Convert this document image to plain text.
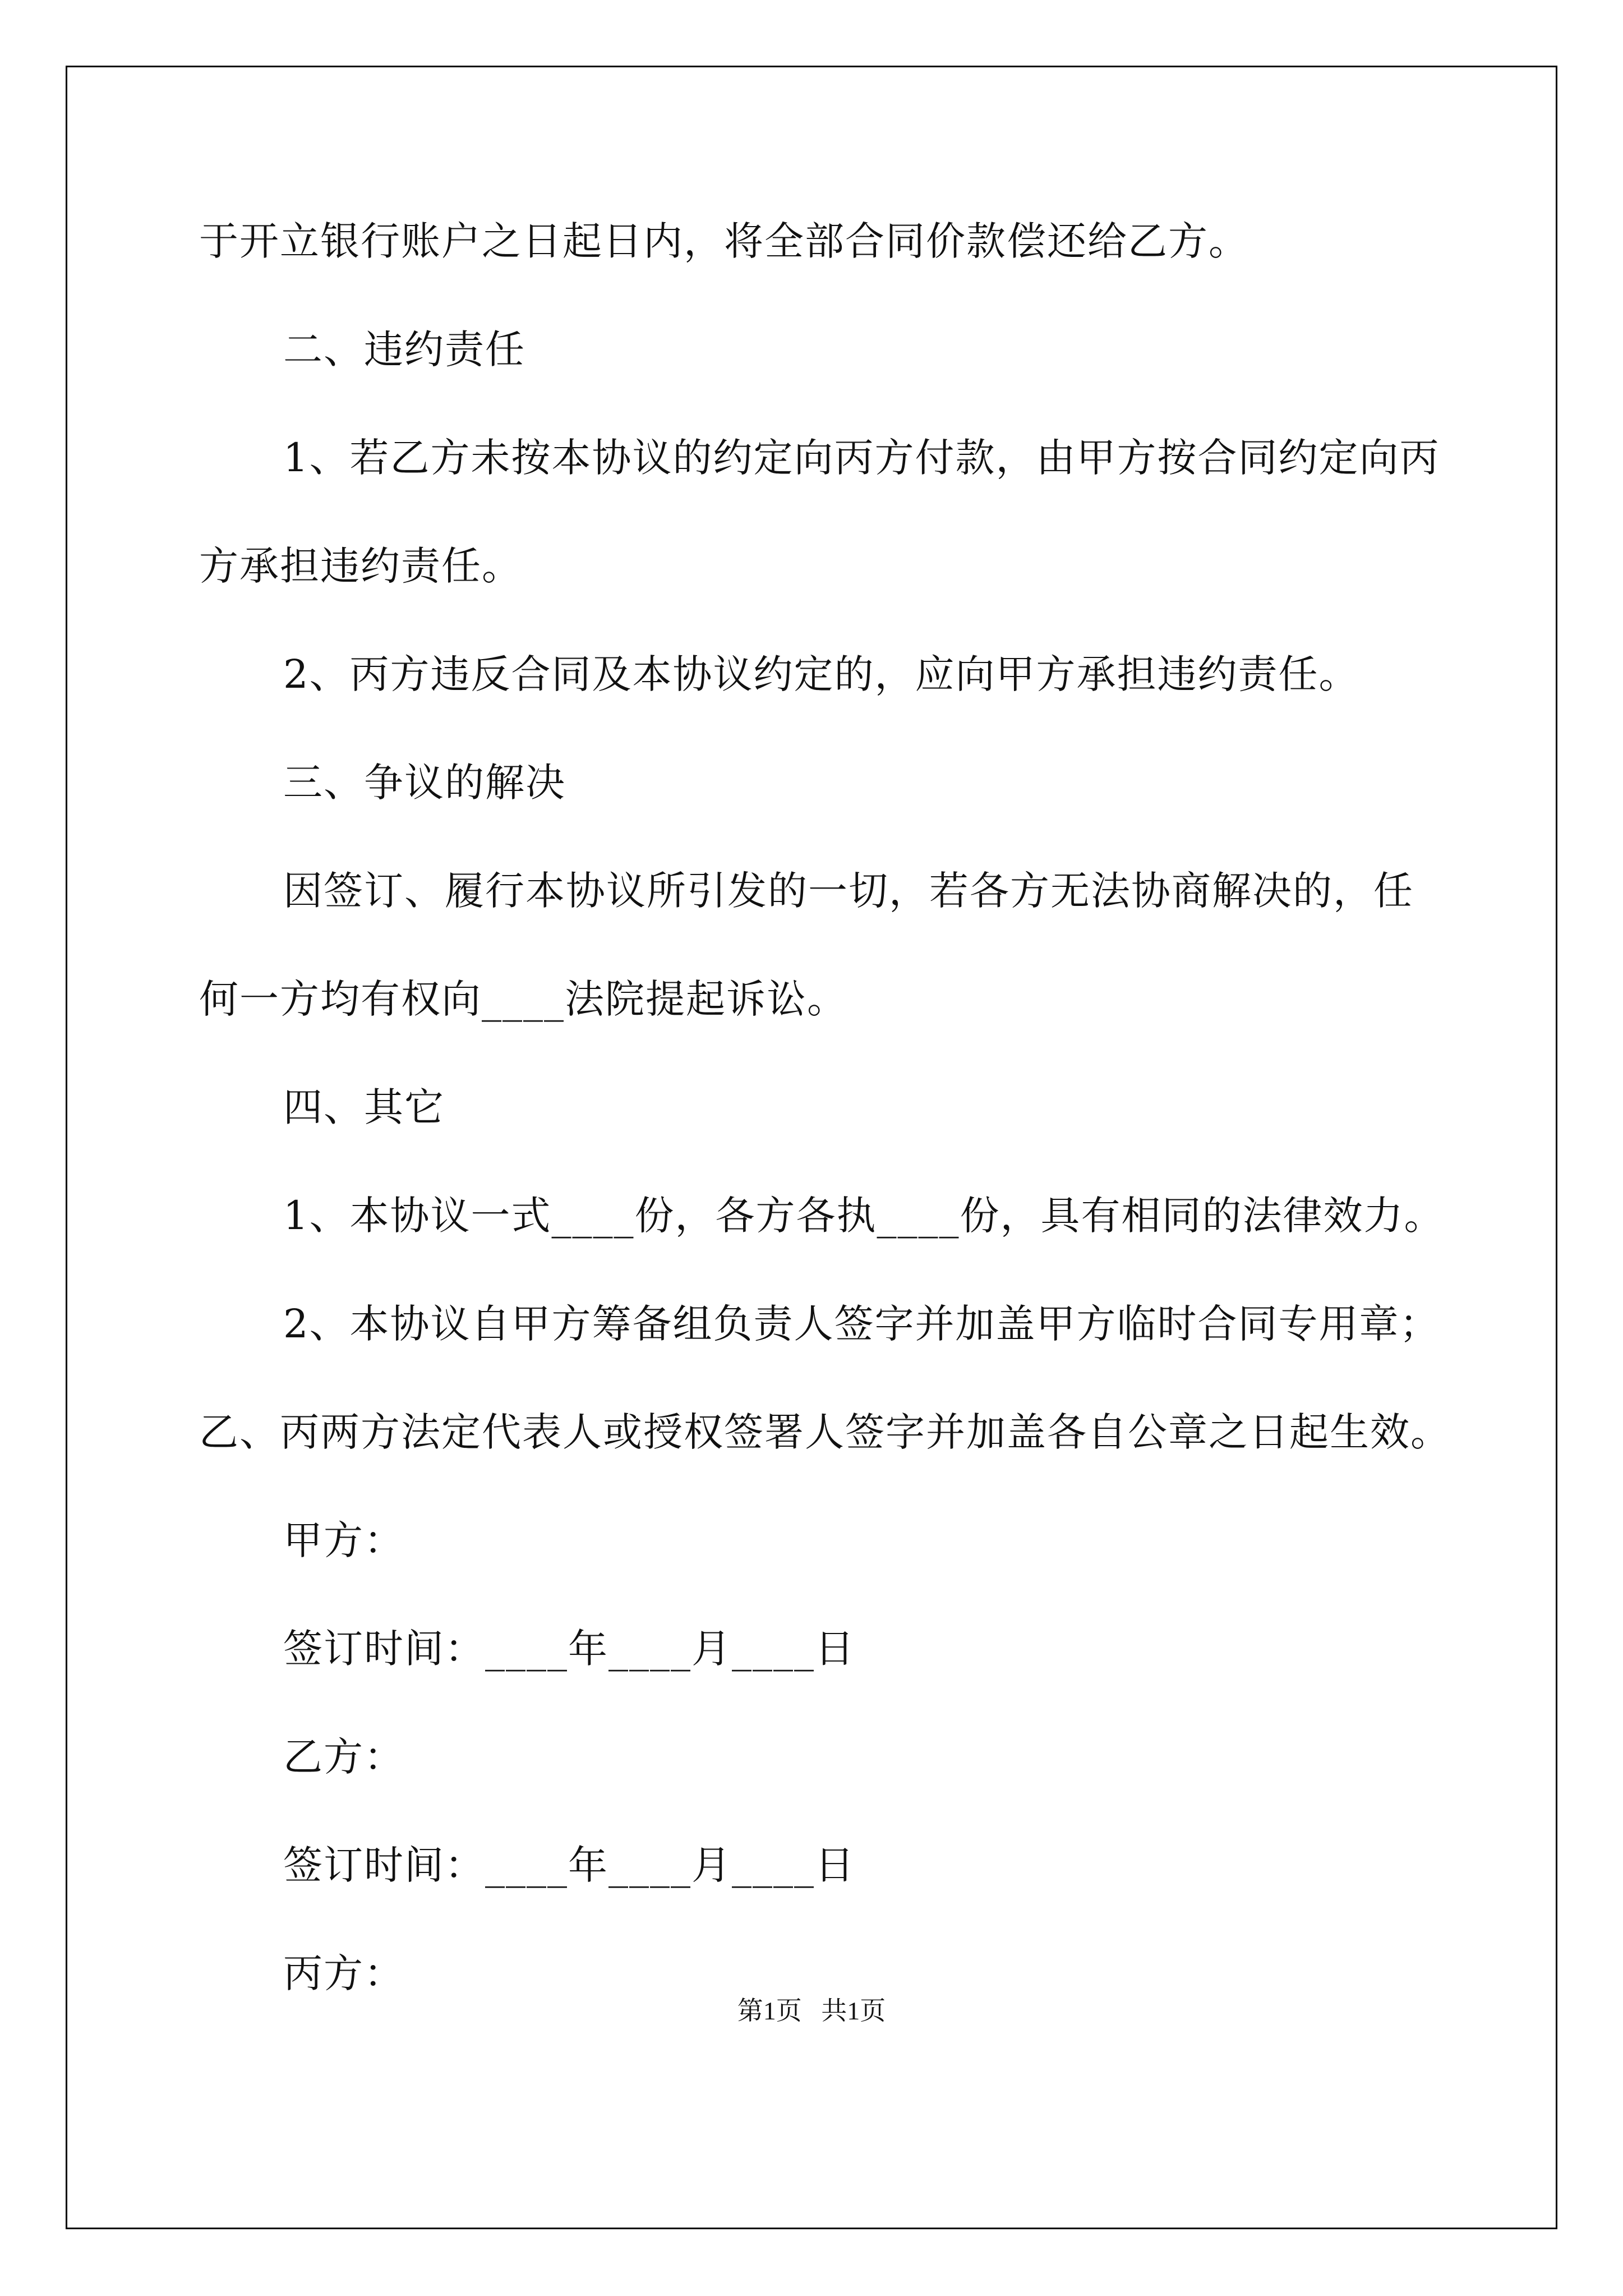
于开立银行账户之日起日内，将全部合同价款偿还给乙方。
二、违约责任
1、若乙方未按本协议的约定向丙方付款，由甲方按合同约定向丙
方承担违约责任。
2、丙方违反合同及本协议约定的，应向甲方承担违约责任。
三、争议的解决
因签订、履行本协议所引发的一切，若各方无法协商解决的，任
何一方均有权向____法院提起诉讼。
四、其它
1、本协议一式____份，各方各执____份，具有相同的法律效力。
2、本协议自甲方筹备组负责人签字并加盖甲方临时合同专用章；
乙、丙两方法定代表人或授权签署人签字并加盖各自公章之日起生效。
甲方：
签订时间：____年____月____日
乙方：
签订时间：____年____月____日
丙方：
第1页   共1页
